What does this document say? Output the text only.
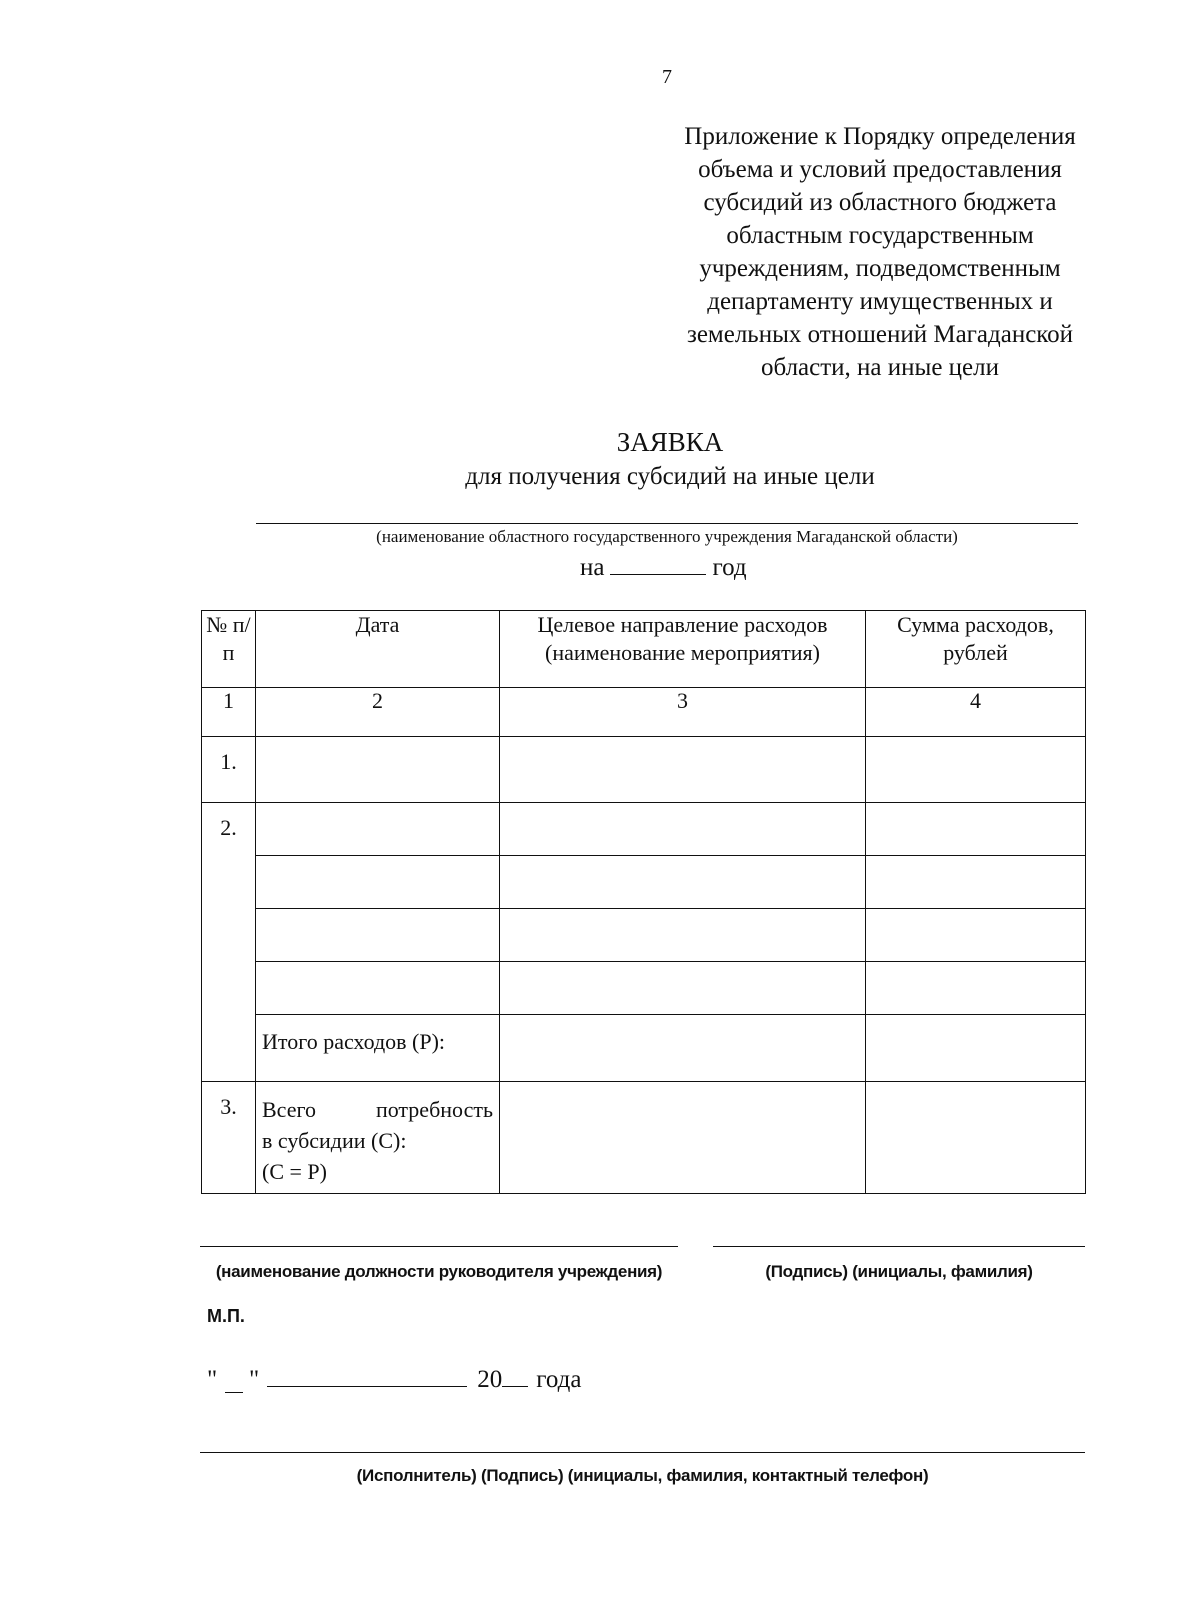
7
Приложение к Порядку определения
объема и условий предоставления
субсидий из областного бюджета
областным государственным
учреждениям, подведомственным
департаменту имущественных и
земельных отношений Магаданской
области, на иные цели
ЗАЯВКА
для получения субсидий на иные цели
(наименование областного государственного учреждения Магаданской области)
на	год
№ п/п	Дата	Целевое направление расходов (наименование мероприятия)	Сумма расходов, рублей
1	2	3	4
1.			
2.			

	Итого расходов (Р):		
3.	Всего потребность
в субсидии (С):
(С = Р)		

(наименование должности руководителя учреждения)	(Подпись) (инициалы, фамилия)
М.П.
" "	20 года
(Исполнитель) (Подпись) (инициалы, фамилия, контактный телефон)
